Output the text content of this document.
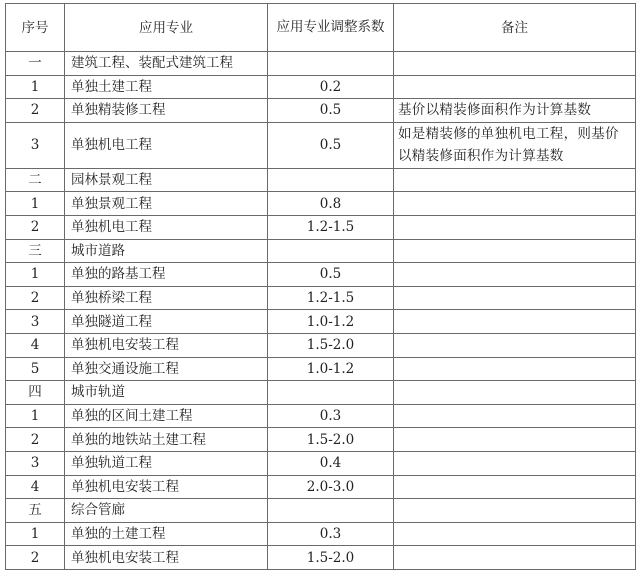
序号	应用专业	应用专业调整系数	备注
一	建筑工程、装配式建筑工程		
1	单独土建工程	0.2	
2	单独精装修工程	0.5	基价以精装修面积作为计算基数
3	单独机电工程	0.5	如是精装修的单独机电工程，则基价以精装修面积作为计算基数
二	园林景观工程		
1	单独景观工程	0.8	
2	单独机电工程	1.2-1.5	
三	城市道路		
1	单独的路基工程	0.5	
2	单独桥梁工程	1.2-1.5	
3	单独隧道工程	1.0-1.2	
4	单独机电安装工程	1.5-2.0	
5	单独交通设施工程	1.0-1.2	
四	城市轨道		
1	单独的区间土建工程	0.3	
2	单独的地铁站土建工程	1.5-2.0	
3	单独轨道工程	0.4	
4	单独机电安装工程	2.0-3.0	
五	综合管廊		
1	单独的土建工程	0.3	
2	单独机电安装工程	1.5-2.0	
